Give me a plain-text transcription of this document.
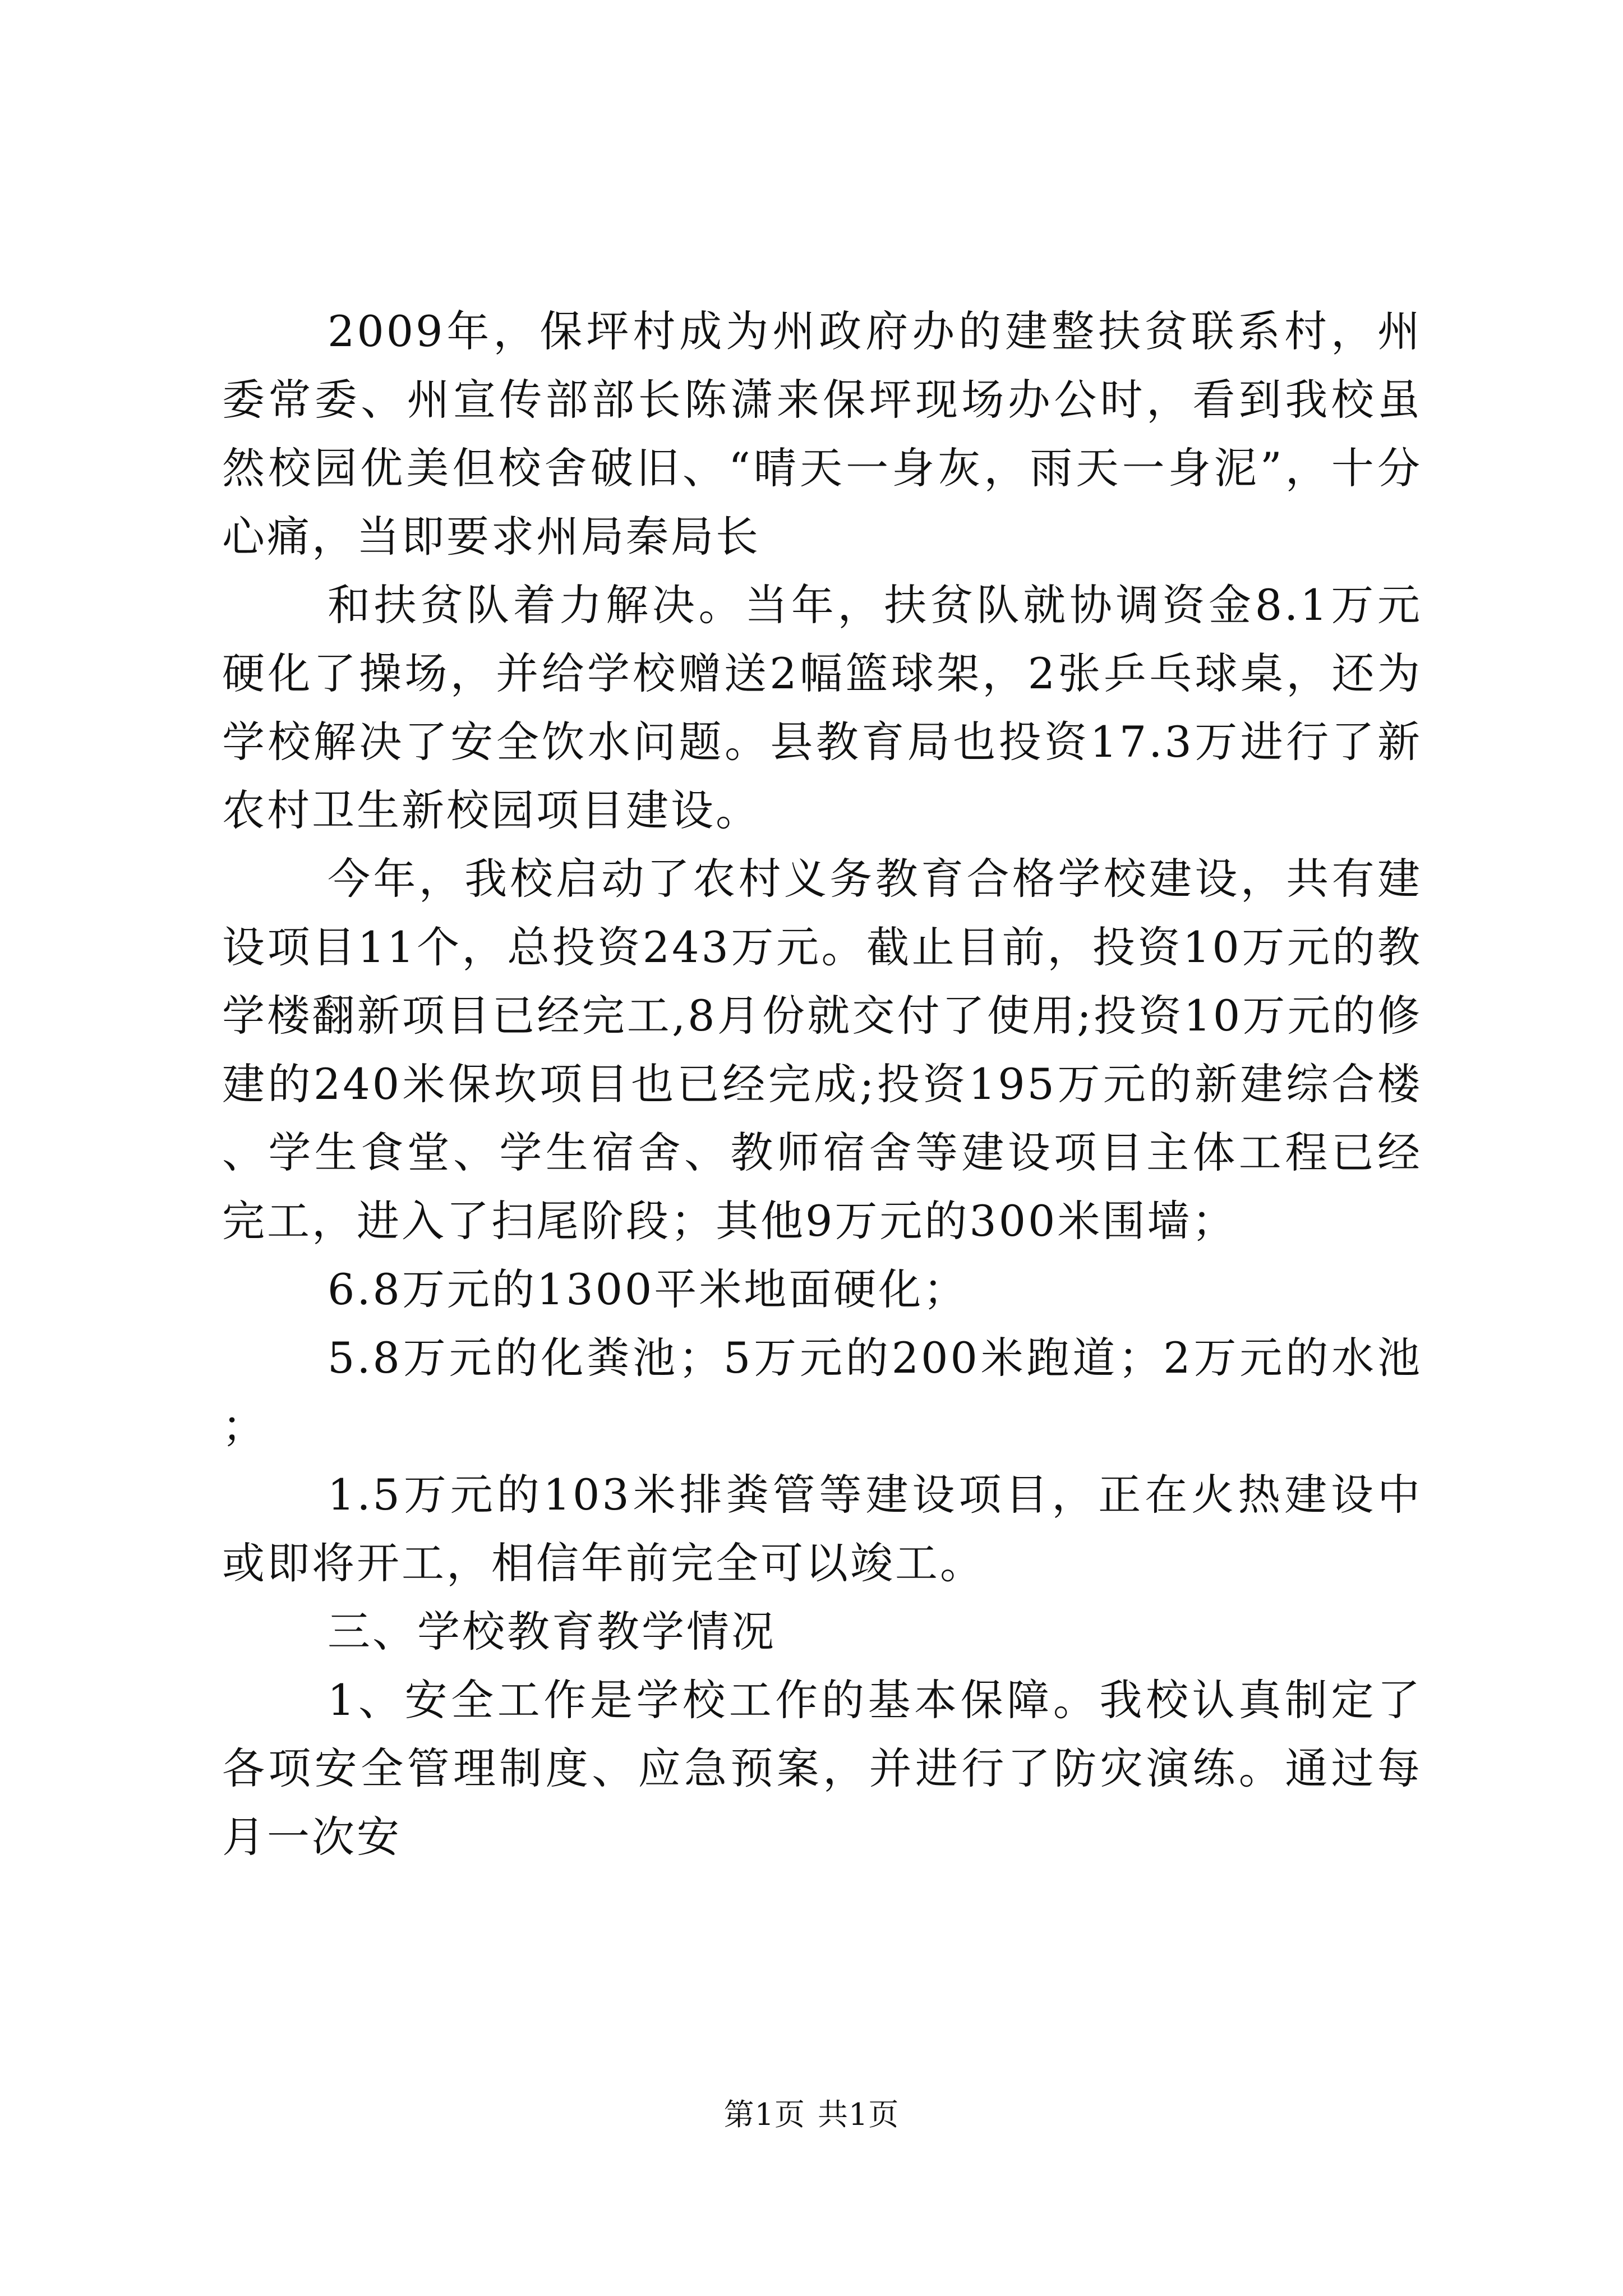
2009年，保坪村成为州政府办的建整扶贫联系村，州委常委、州宣传部部长陈潇来保坪现场办公时，看到我校虽然校园优美但校舍破旧、“晴天一身灰，雨天一身泥”，十分心痛，当即要求州局秦局长

和扶贫队着力解决。当年，扶贫队就协调资金8.1万元硬化了操场，并给学校赠送2幅篮球架，2张乒乓球桌，还为学校解决了安全饮水问题。县教育局也投资17.3万进行了新农村卫生新校园项目建设。

今年，我校启动了农村义务教育合格学校建设，共有建设项目11个，总投资243万元。截止目前，投资10万元的教学楼翻新项目已经完工,8月份就交付了使用;投资10万元的修建的240米保坎项目也已经完成;投资195万元的新建综合楼、学生食堂、学生宿舍、教师宿舍等建设项目主体工程已经完工，进入了扫尾阶段；其他9万元的300米围墙；

6.8万元的1300平米地面硬化；

5.8万元的化粪池；5万元的200米跑道；2万元的水池；

1.5万元的103米排粪管等建设项目，正在火热建设中或即将开工，相信年前完全可以竣工。

三、学校教育教学情况

1、安全工作是学校工作的基本保障。我校认真制定了各项安全管理制度、应急预案，并进行了防灾演练。通过每月一次安

第1页 共1页
